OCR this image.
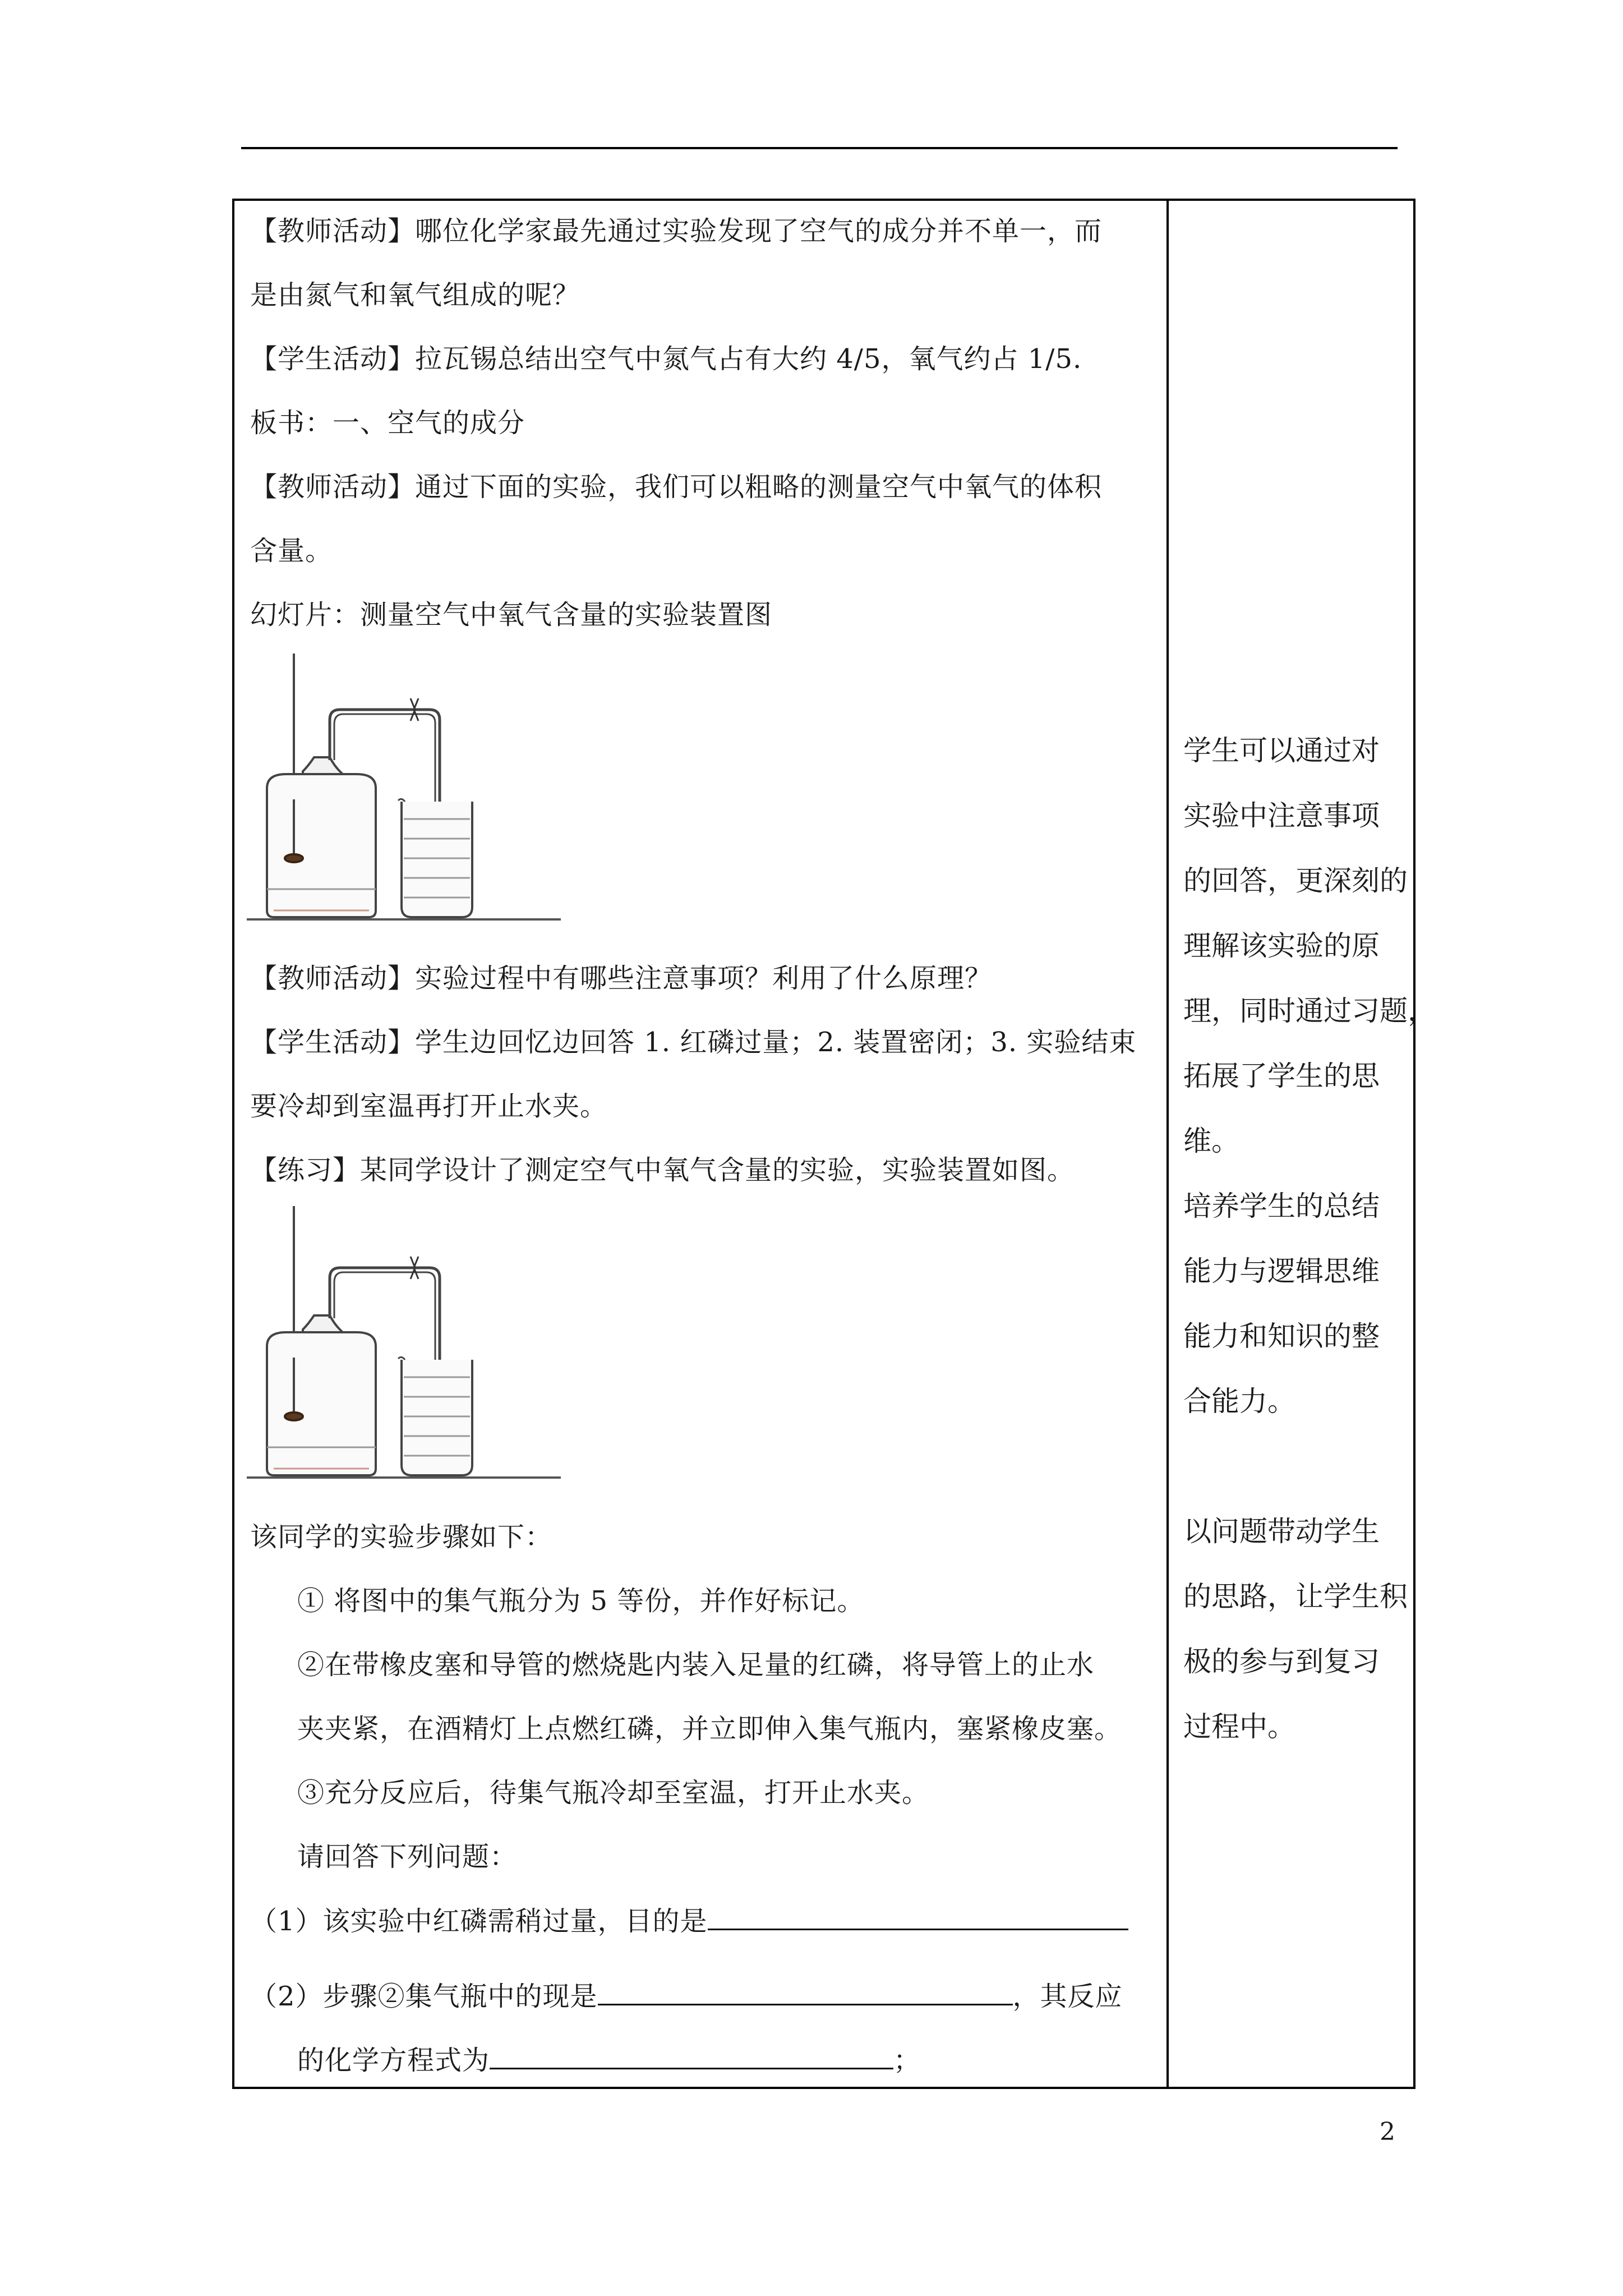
【教师活动】哪位化学家最先通过实验发现了空气的成分并不单一，而
是由氮气和氧气组成的呢？
【学生活动】拉瓦锡总结出空气中氮气占有大约 4/5，氧气约占 1/5.
板书：一、空气的成分
【教师活动】通过下面的实验，我们可以粗略的测量空气中氧气的体积
含量。
幻灯片：测量空气中氧气含量的实验装置图
【教师活动】实验过程中有哪些注意事项？利用了什么原理？
【学生活动】学生边回忆边回答 1. 红磷过量；2. 装置密闭；3. 实验结束
要冷却到室温再打开止水夹。
【练习】某同学设计了测定空气中氧气含量的实验，实验装置如图。
该同学的实验步骤如下：
① 将图中的集气瓶分为 5 等份，并作好标记。
②在带橡皮塞和导管的燃烧匙内装入足量的红磷，将导管上的止水
夹夹紧，在酒精灯上点燃红磷，并立即伸入集气瓶内，塞紧橡皮塞。
③充分反应后，待集气瓶冷却至室温，打开止水夹。
请回答下列问题：
（1）该实验中红磷需稍过量，目的是
（2）步骤②集气瓶中的现是	，其反应
的化学方程式为	；
学生可以通过对
实验中注意事项
的回答，更深刻的
理解该实验的原
理，同时通过习题，
拓展了学生的思
维。
培养学生的总结
能力与逻辑思维
能力和知识的整
合能力。
以问题带动学生
的思路，让学生积
极的参与到复习
过程中。
2
